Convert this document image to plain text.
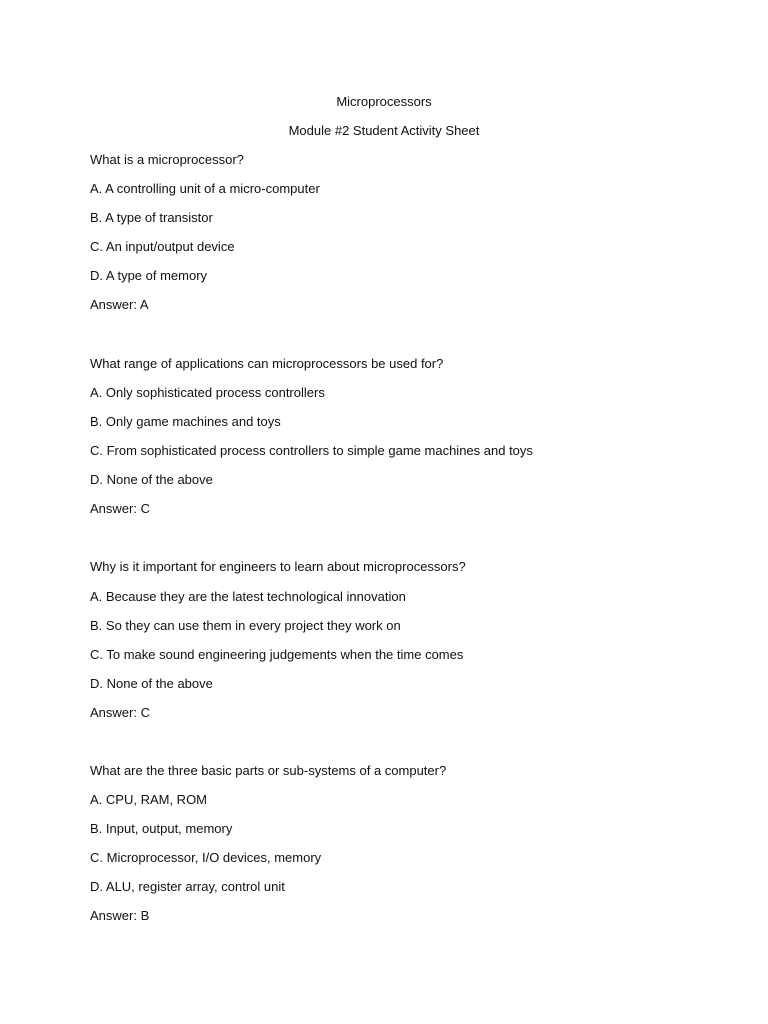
Microprocessors
Module #2 Student Activity Sheet
What is a microprocessor?
A. A controlling unit of a micro-computer
B. A type of transistor
C. An input/output device
D. A type of memory
Answer: A
What range of applications can microprocessors be used for?
A. Only sophisticated process controllers
B. Only game machines and toys
C. From sophisticated process controllers to simple game machines and toys
D. None of the above
Answer: C
Why is it important for engineers to learn about microprocessors?
A. Because they are the latest technological innovation
B. So they can use them in every project they work on
C. To make sound engineering judgements when the time comes
D. None of the above
Answer: C
What are the three basic parts or sub-systems of a computer?
A. CPU, RAM, ROM
B. Input, output, memory
C. Microprocessor, I/O devices, memory
D. ALU, register array, control unit
Answer: B
